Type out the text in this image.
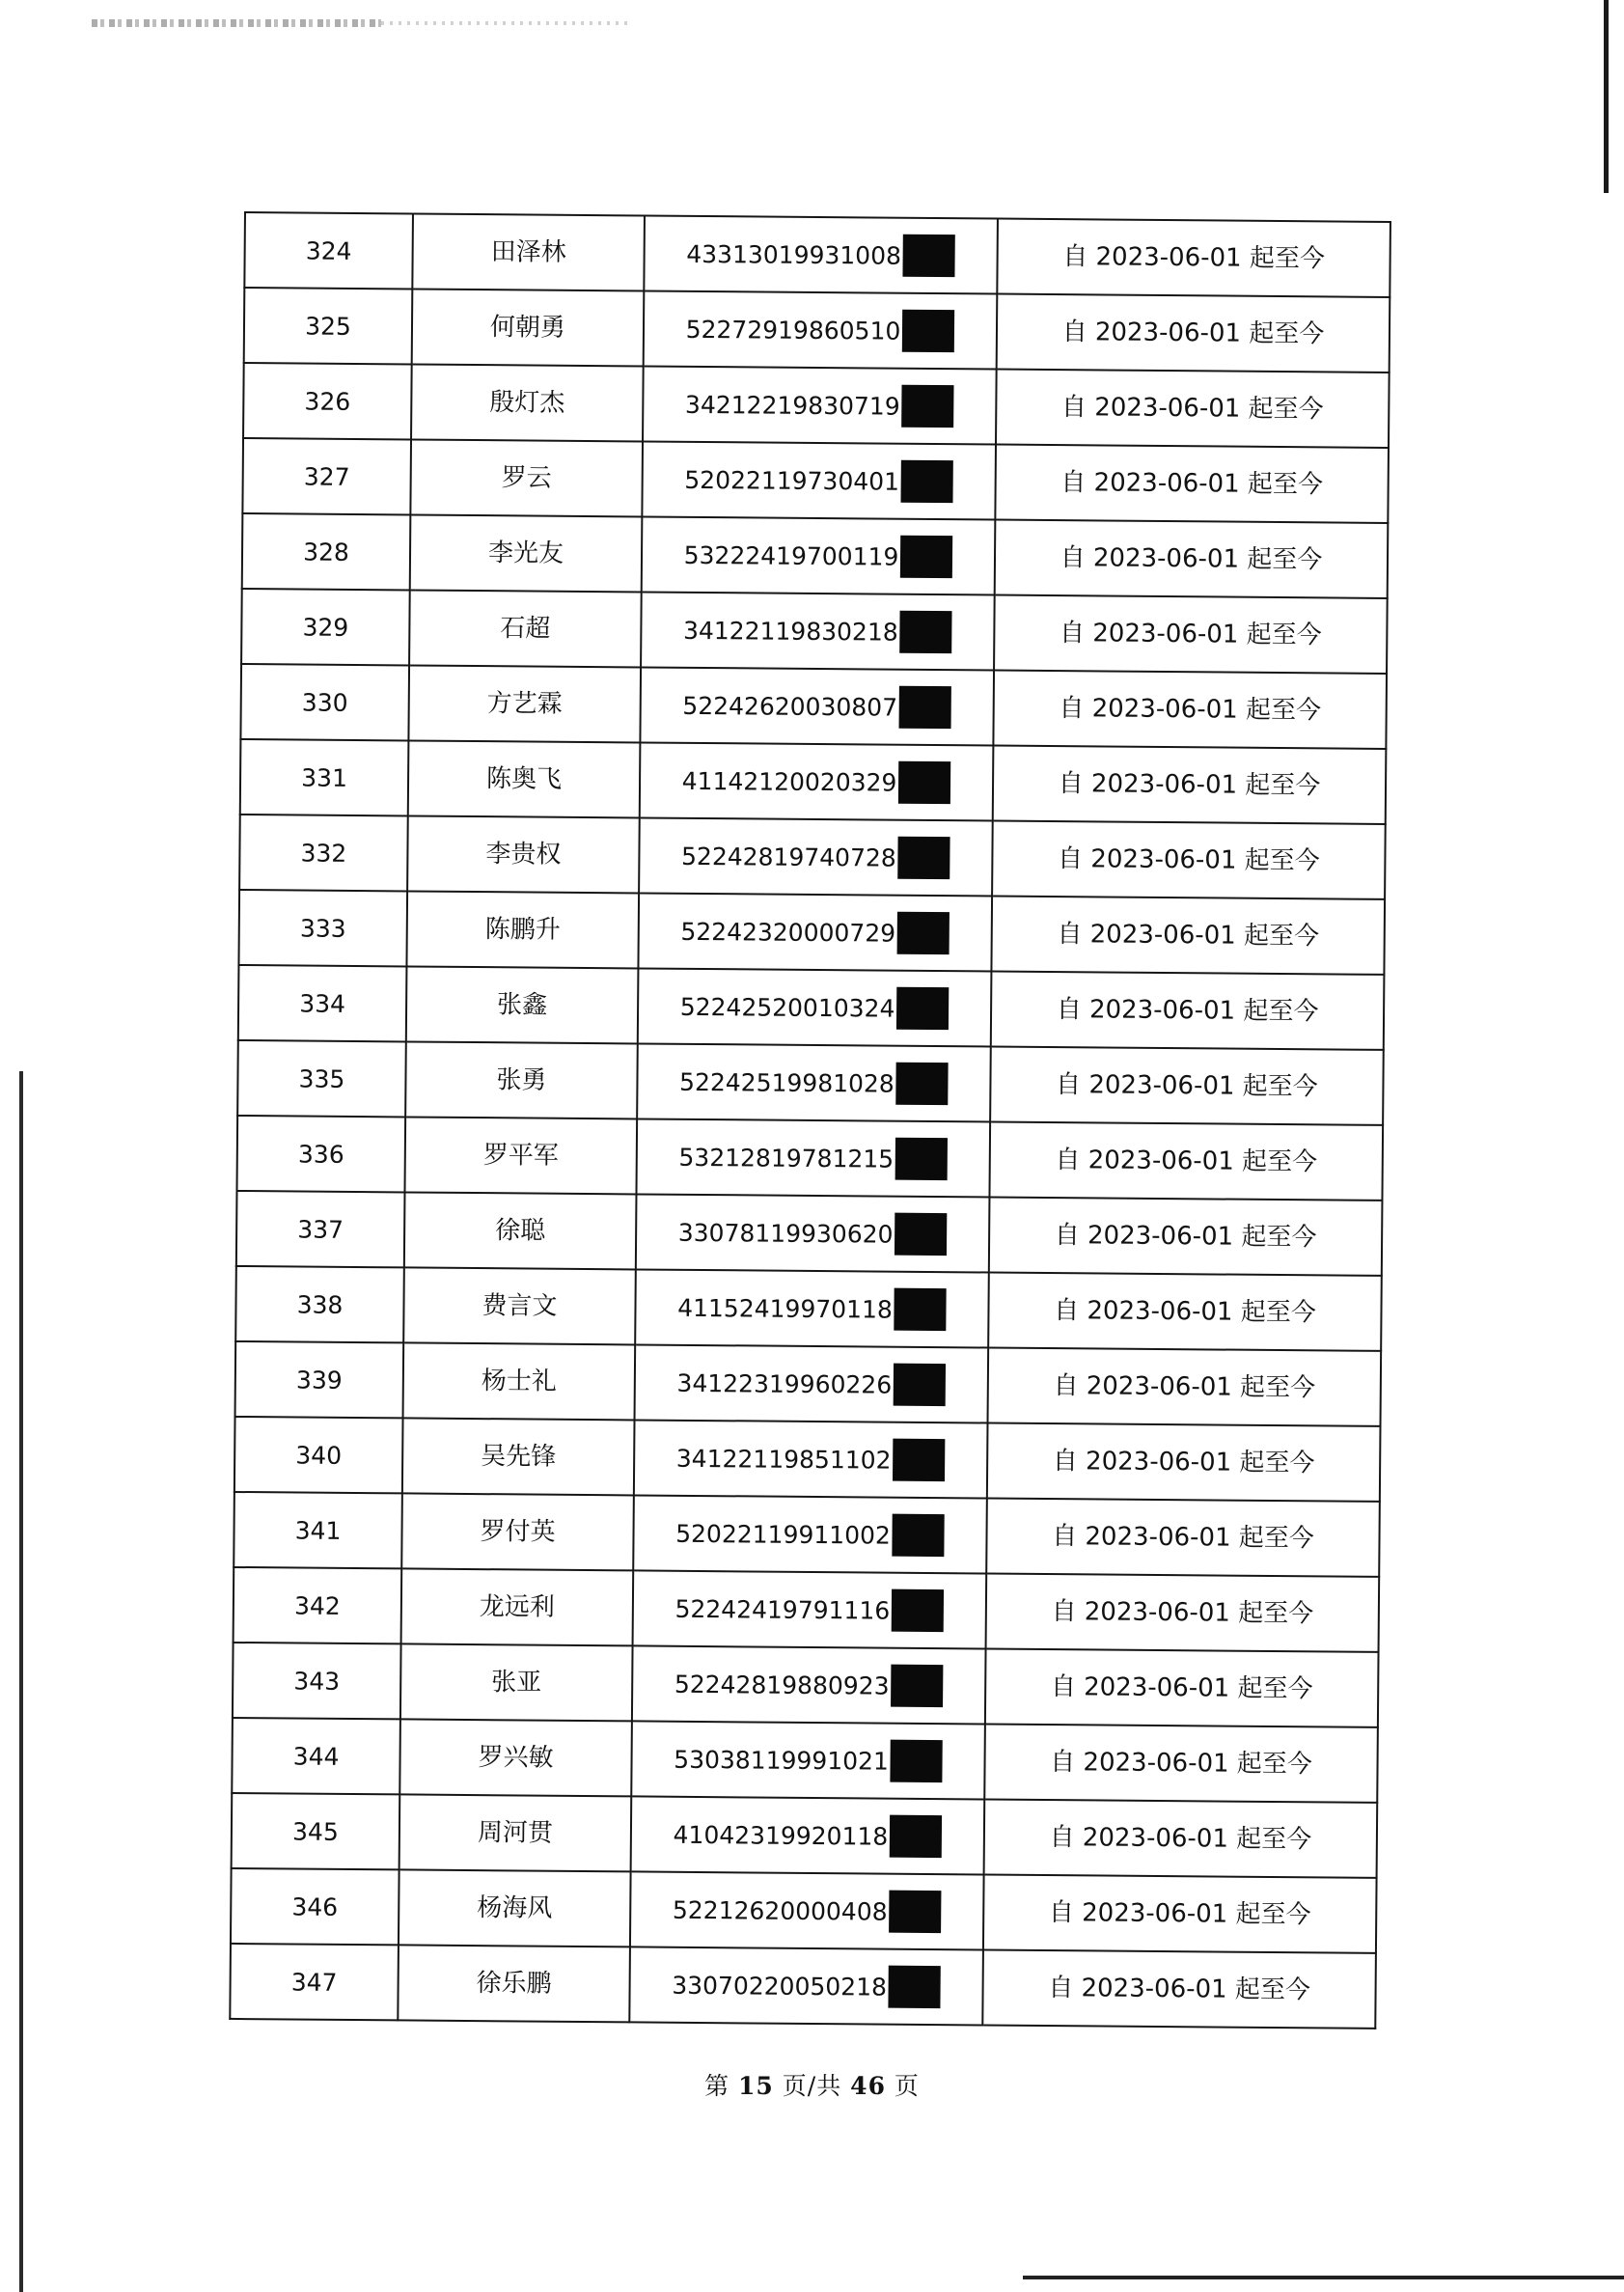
324	田泽林	43313019931008	自 2023-06-01 起至今
325	何朝勇	52272919860510	自 2023-06-01 起至今
326	殷灯杰	34212219830719	自 2023-06-01 起至今
327	罗云	52022119730401	自 2023-06-01 起至今
328	李光友	53222419700119	自 2023-06-01 起至今
329	石超	34122119830218	自 2023-06-01 起至今
330	方艺霖	52242620030807	自 2023-06-01 起至今
331	陈奥飞	41142120020329	自 2023-06-01 起至今
332	李贵权	52242819740728	自 2023-06-01 起至今
333	陈鹏升	52242320000729	自 2023-06-01 起至今
334	张鑫	52242520010324	自 2023-06-01 起至今
335	张勇	52242519981028	自 2023-06-01 起至今
336	罗平军	53212819781215	自 2023-06-01 起至今
337	徐聪	33078119930620	自 2023-06-01 起至今
338	费言文	41152419970118	自 2023-06-01 起至今
339	杨士礼	34122319960226	自 2023-06-01 起至今
340	吴先锋	34122119851102	自 2023-06-01 起至今
341	罗付英	52022119911002	自 2023-06-01 起至今
342	龙远利	52242419791116	自 2023-06-01 起至今
343	张亚	52242819880923	自 2023-06-01 起至今
344	罗兴敏	53038119991021	自 2023-06-01 起至今
345	周河贯	41042319920118	自 2023-06-01 起至今
346	杨海风	52212620000408	自 2023-06-01 起至今
347	徐乐鹏	33070220050218	自 2023-06-01 起至今
第 15 页/共 46 页
